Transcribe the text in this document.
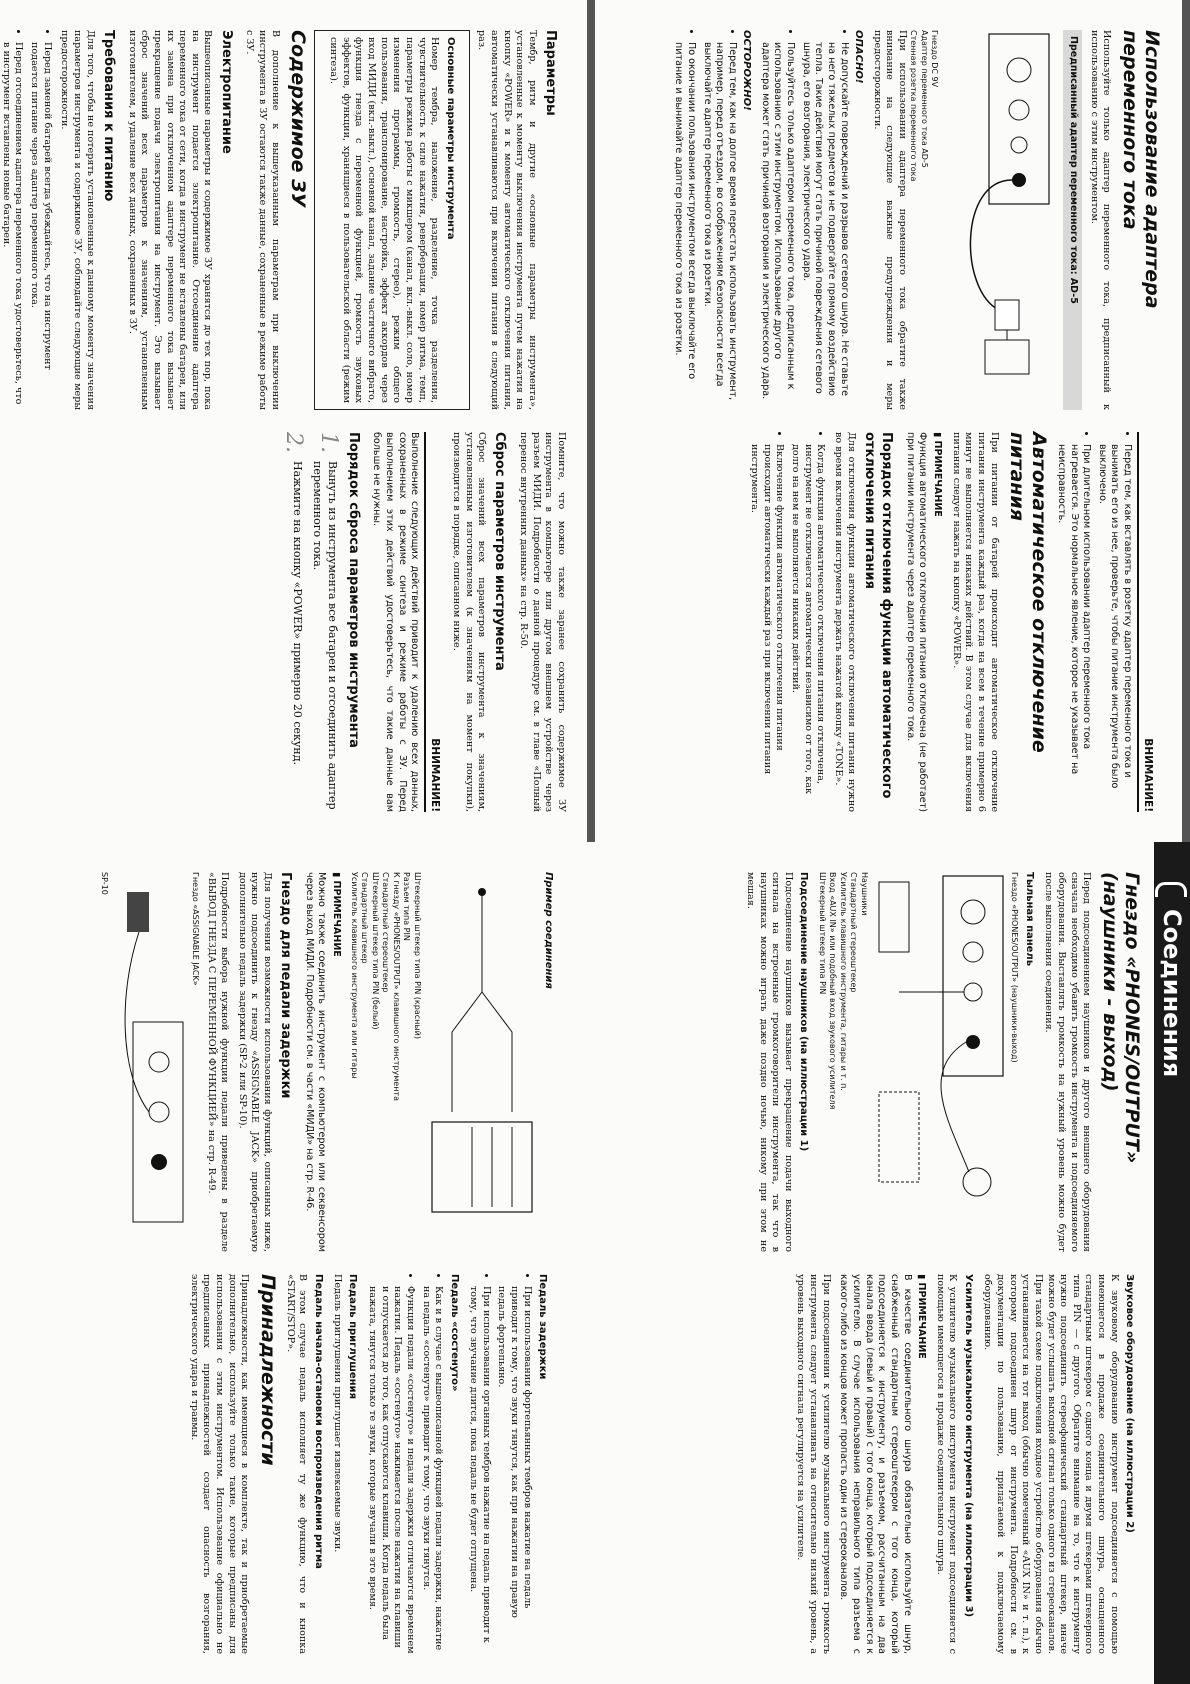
Использование адаптера переменного тока

Используйте только адаптер переменного тока, предписанный к использованию с этим инструментом.

Предписанный адаптер переменного тока: AD-5
Гнездо DC 9V
Адаптер переменного тока AD-5
Стенная розетка переменного тока

При использовании адаптера переменного тока обратите также внимание на следующие важные предупреждения и меры предосторожности.

ОПАСНО!
• Не допускайте повреждений и разрывов сетевого шнура. Не ставьте на него тяжелых предметов и не подвергайте прямому воздействию тепла. Такие действия могут стать причиной повреждения сетевого шнура, его возгорания, электрического удара.
• Пользуйтесь только адаптером переменного тока, предписанным к использованию с этим инструментом. Использование другого адаптера может стать причиной возгорания и электрического удара.
ОСТОРОЖНО!
• Перед тем, как на долгое время перестать использовать инструмент, например, перед отъездом, во соображениям безопасности всегда выключайте адаптер переменного тока из розетки.
• По окончании пользования инструментом всегда выключайте его питание и вынимайте адаптер переменного тока из розетки.
ВНИМАНИЕ!
• Перед тем, как вставлять в розетку адаптер переменного тока и вынимать его из нее, проверьте, чтобы питание инструмента было выключено.
• При длительном использовании адаптер переменного тока нагревается. Это нормальное явление, которое не указывает на неисправность.
Автоматическое отключение питания

При питании от батарей происходит автоматическое отключение питания инструмента каждый раз, когда на всем в течение примерно 6 минут не выполняется никаких действий. В этом случае для включения питания следует нажать на кнопку «POWER».

▮ ПРИМЕЧАНИЕ

Функция автоматического отключения питания отключена (не работает) при питании инструмента через адаптер переменного тока.

Порядок отключения функции автоматического отключения питания

Для отключения функции автоматического отключения питания нужно во время включения инструмента держать нажатой кнопку «TONE».

• Когда функция автоматического отключения питания отключена, инструмент не отключается автоматически независимо от того, как долго на нем не выполняется никаких действий.
• Включение функции автоматического отключения питания происходит автоматически каждый раз при включении питания инструмента.
Параметры

Тембр, ритм и другие «основные параметры инструмента», установленные к моменту выключения инструмента путем нажатия на кнопку «POWER» и к моменту автоматического отключения питания, автоматически устанавливаются при включении питания в следующий раз.

Основные параметры инструмента

Номер тембра, наложение, разделение, точка разделения, чувствительность к силе нажатия, реверберация, номер ритма, темп, параметры режима работы с микшером (канал, вкл.-выкл. соло, номер изменения программы, громкость, стерео), режим общего пользования, транспонирование, настройка, эффект аккордов через вход МИДИ (вкл.-выкл.), основной канал, задание частичного вибрато, функция гнезда с переменной функцией, громкость звуковых эффектов, функции, хранящиеся в пользовательской области (режим синтеза).

Содержимое ЗУ

В дополнение к вышеуказанным параметрам при выключении инструмента в ЗУ остаются также данные, сохраненные в режиме работы с ЗУ.

Электропитание

Вышеописанные параметры и содержимое ЗУ хранятся до тех пор, пока на инструмент подается электропитание. Отсоединение адаптера переменного тока от сети, когда в инструмент не вставлены батареи, или их замена при отключенном адаптере переменного тока вызывает прекращение подачи электропитания на инструмент. Это вызывает сброс значений всех параметров к значениям, установленным изготовителем, и удаление всех данных, сохраненных в ЗУ.

Требования к питанию

Для того, чтобы не потерять установленные к данному моменту значения параметров инструмента и содержимое ЗУ, соблюдайте следующие меры предосторожности.

• Перед заменой батарей всегда убеждайтесь, что на инструмент подается питание через адаптер переменного тока.
• Перед отсоединением адаптера переменного тока удостоверьтесь, что в инструмент вставлены новые батареи.

Помните, что можно также заранее сохранить содержимое ЗУ инструмента в компьютере или другом внешнем устройстве через разъем МИДИ. Подробности о данной процедуре см. в главе «Полный перенос внутренних данных» на стр. R-50.

Сброс параметров инструмента

Сброс значений всех параметров инструмента к значениям, установленным изготовителем (к значениям на момент покупки), производится в порядке, описанном ниже.

ВНИМАНИЕ!

Выполнение следующих действий приводит к удалению всех данных, сохраненных в режиме синтеза и режиме работы с ЗУ. Перед выполнением этих действий удостоверьтесь, что такие данные вам больше не нужны.

Порядок сброса параметров инструмента
1.
Вынуть из инструмента все батареи и отсоединить адаптер переменного тока.
2.
Нажмите на кнопку «POWER» примерно 20 секунд.
Соединения
Гнездо «PHONES/OUTPUT» (наушники - выход)

Перед подсоединением наушников и другого внешнего оборудования сначала необходимо убавить громкость инструмента и подсоединяемого оборудования. Выставлять громкость на нужный уровень можно будет после выполнения соединения.

Тыльная панель
Гнездо «PHONES/OUTPUT» (наушники-выход)
Наушники
Стандартный стереоштекер
Усилитель клавишного инструмента, гитары и т. п.
Вход «AUX IN» или подобный вход звукового усилителя
Штекерный штекер типа PIN
Подсоединение наушников (на иллюстрации 1)

Подсоединение наушников вызывает прекращение подачи выходного сигнала на встроенные громкоговорители инструмента, так что в наушниках можно играть даже поздно ночью, никому при этом не мешая.

Звуковое оборудование (на иллюстрации 2)

К звуковому оборудованию инструмент подсоединяется с помощью имеющегося в продаже соединительного шнура, оснащенного стандартным штекером с одного конца и двумя штекерами штекерного типа PIN — с другого. Обратите внимание на то, что к инструменту нужно подсоединить стереофонический стандартный штекер, иначе можно будет услышать выходной сигнал только одного из стереоканалов. При такой схеме подключения входное устройство оборудования обычно устанавливается на тот выход (обычно помеченный «AUX IN» и т. п.), к которому подсоединен шнур от инструмента. Подробности см. в документации по пользованию, прилагаемой к подключаемому оборудованию.

Усилитель музыкального инструмента (на иллюстрации 3)

К усилителю музыкального инструмента инструмент подсоединяется с помощью имеющегося в продаже соединительного шнура.

▮ ПРИМЕЧАНИЕ

В качестве соединительного шнура обязательно используйте шнур, снабженный стандартным стереоштекером с того конца, который подсоединяется к инструменту, и разъемом, рассчитанным на два канала ввода (левый и правый) с того конца, который подсоединяется к усилителю. В случае использования неправильного типа разъема с какого-либо из концов может пропасть один из стереоканалов.

При подсоединении к усилителю музыкального инструмента громкость инструмента следует устанавливать на относительно низкий уровень, а уровень выходного сигнала регулируется на усилителе.

Пример соединения
Штекерный штекер типа PIN (красный)
Разъем типа PIN
К гнезду «PHONES/OUTPUT» клавишного инструмента
Стандартный стереоштекер
Штекерный штекер типа PIN (белый)
Стандартный штекер
Усилитель клавишного инструмента или гитары
▮ ПРИМЕЧАНИЕ

Можно также соединить инструмент с компьютером или секвенсором через выход МИДИ. Подробности см. в части «МИДИ» на стр. R-46.

Гнездо для педали задержки

Для получения возможности использования функций, описанных ниже, нужно подсоединить к гнезду «ASSIGNABLE JACK» приобретаемую дополнительно педаль задержки (SP-2 или SP-10).

Подробности выбора нужной функции педали приведены в разделе «ВЫВОД ГНЕЗДА С ПЕРЕМЕННОЙ ФУНКЦИЕЙ» на стр. R-49.

Гнездо «ASSIGNABLE JACK»
SP-10
Педаль задержки
• При использовании фортепьянных тембров нажатие на педаль приводит к тому, что звуки тянутся, как при нажатии на правую педаль фортепьяно.
• При использовании органных тембров нажатие на педаль приводит к тому, что звучание длится, пока педаль не будет отпущена.
Педаль «состенуто»
• Как и в случае с вышеописанной функцией педали задержки, нажатие на педаль «состенуто» приводит к тому, что звуки тянутся.
• Функция педали «состенуто» и педали задержки отличаются временем нажатия. Педаль «состенуто» нажимается после нажатия на клавиши и отпускается до того, как отпускаются клавиши. Когда педаль была нажата, тянутся только те звуки, которые звучали в это время.
Педаль приглушения

Педаль приглушения приглушает извлекаемые звуки.

Педаль начала-остановки воспроизведения ритма

В этом случае педаль исполняет ту же функцию, что и кнопка «START/STOP».

Принадлежности

Принадлежности, как имеющиеся в комплекте, так и приобретаемые дополнительно, используйте только такие, которые предписаны для использования с этим инструментом. Использование официально не предписанных принадлежностей создает опасность возгорания, электрического удара и травмы.
